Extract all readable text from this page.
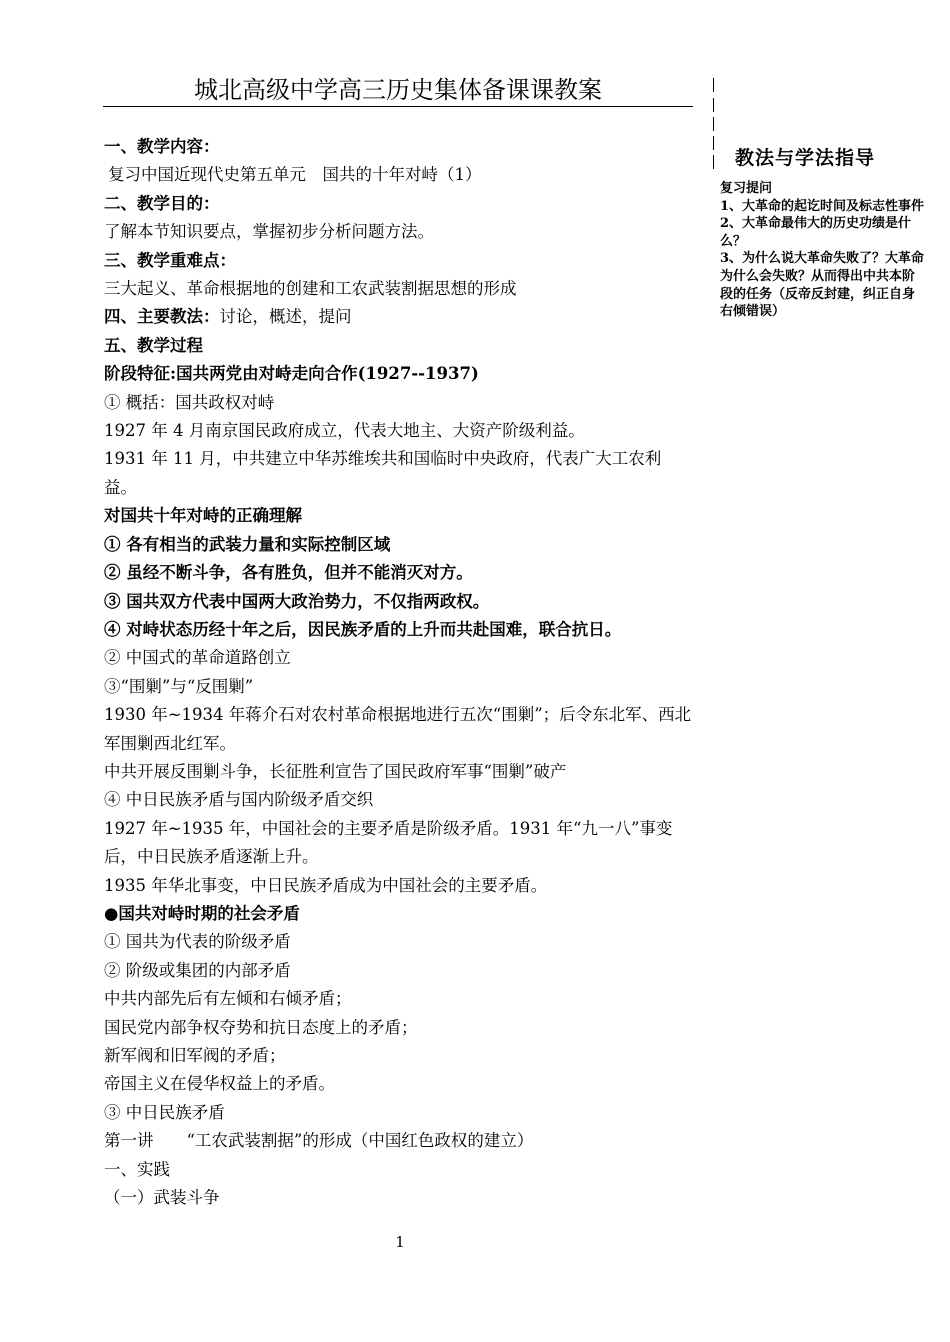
城北高级中学高三历史集体备课课教案
一、教学内容：
复习中国近现代史第五单元　国共的十年对峙（1）
二、教学目的：
了解本节知识要点，掌握初步分析问题方法。
三、教学重难点：
三大起义、革命根据地的创建和工农武装割据思想的形成
四、主要教法：讨论，概述，提问
五、教学过程
阶段特征:国共两党由对峙走向合作(1927--1937)
① 概括：国共政权对峙
1927 年 4 月南京国民政府成立，代表大地主、大资产阶级利益。
1931 年 11 月，中共建立中华苏维埃共和国临时中央政府，代表广大工农利益。
对国共十年对峙的正确理解
① 各有相当的武装力量和实际控制区域
② 虽经不断斗争，各有胜负，但并不能消灭对方。
③ 国共双方代表中国两大政治势力，不仅指两政权。
④ 对峙状态历经十年之后，因民族矛盾的上升而共赴国难，联合抗日。
② 中国式的革命道路创立
③“围剿”与“反围剿”
1930 年~1934 年蒋介石对农村革命根据地进行五次“围剿”；后令东北军、西北军围剿西北红军。
中共开展反围剿斗争，长征胜利宣告了国民政府军事“围剿”破产
④ 中日民族矛盾与国内阶级矛盾交织
1927 年~1935 年，中国社会的主要矛盾是阶级矛盾。1931 年“九一八”事变后，中日民族矛盾逐渐上升。
1935 年华北事变，中日民族矛盾成为中国社会的主要矛盾。
●国共对峙时期的社会矛盾
① 国共为代表的阶级矛盾
② 阶级或集团的内部矛盾
中共内部先后有左倾和右倾矛盾；
国民党内部争权夺势和抗日态度上的矛盾；
新军阀和旧军阀的矛盾；
帝国主义在侵华权益上的矛盾。
③ 中日民族矛盾
第一讲　　“工农武装割据”的形成（中国红色政权的建立）
一、实践
（一）武装斗争
教法与学法指导
复习提问
1、大革命的起讫时间及标志性事件
2、大革命最伟大的历史功绩是什么？
3、为什么说大革命失败了？大革命为什么会失败？从而得出中共本阶段的任务（反帝反封建，纠正自身右倾错误）
1
